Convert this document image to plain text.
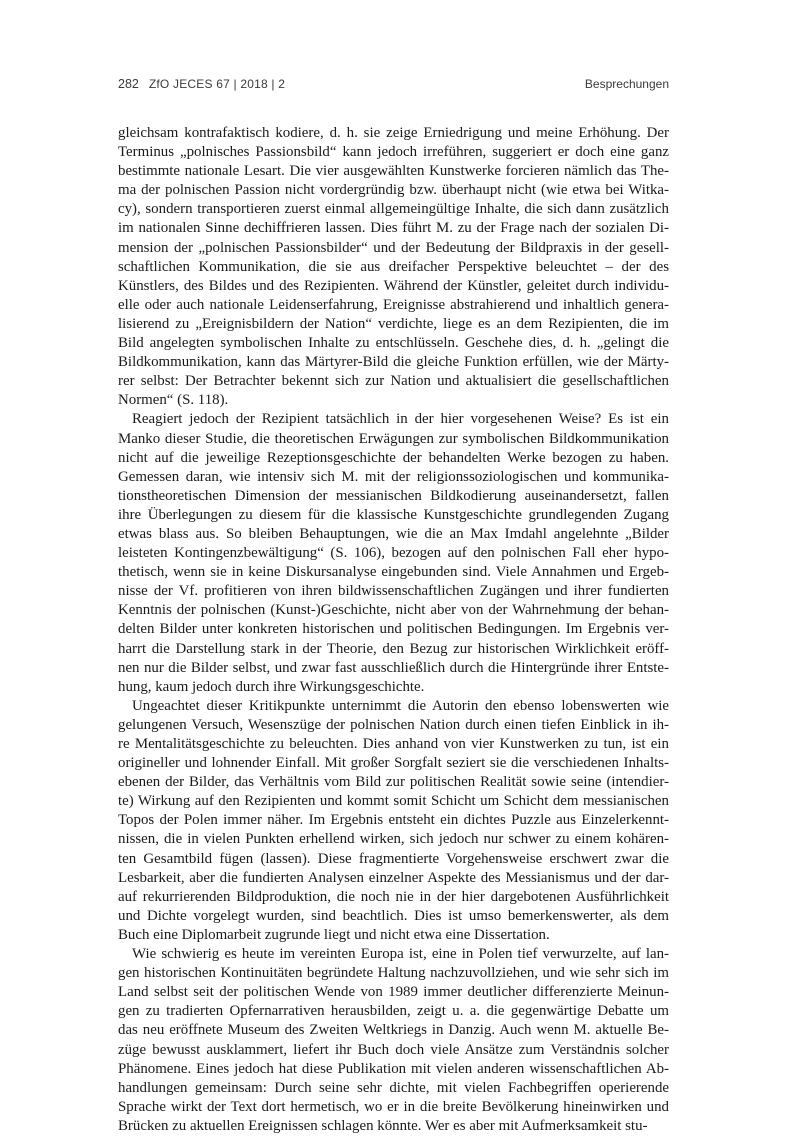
282 ZfO JECES 67 | 2018 | 2	Besprechungen
gleichsam kontrafaktisch kodiere, d. h. sie zeige Erniedrigung und meine Erhöhung. Der
Terminus „polnisches Passionsbild“ kann jedoch irreführen, suggeriert er doch eine ganz
bestimmte nationale Lesart. Die vier ausgewählten Kunstwerke forcieren nämlich das The-
ma der polnischen Passion nicht vordergründig bzw. überhaupt nicht (wie etwa bei Witka-
cy), sondern transportieren zuerst einmal allgemeingültige Inhalte, die sich dann zusätzlich
im nationalen Sinne dechiffrieren lassen. Dies führt M. zu der Frage nach der sozialen Di-
mension der „polnischen Passionsbilder“ und der Bedeutung der Bildpraxis in der gesell-
schaftlichen Kommunikation, die sie aus dreifacher Perspektive beleuchtet – der des
Künstlers, des Bildes und des Rezipienten. Während der Künstler, geleitet durch individu-
elle oder auch nationale Leidenserfahrung, Ereignisse abstrahierend und inhaltlich genera-
lisierend zu „Ereignisbildern der Nation“ verdichte, liege es an dem Rezipienten, die im
Bild angelegten symbolischen Inhalte zu entschlüsseln. Geschehe dies, d. h. „gelingt die
Bildkommunikation, kann das Märtyrer-Bild die gleiche Funktion erfüllen, wie der Märty-
rer selbst: Der Betrachter bekennt sich zur Nation und aktualisiert die gesellschaftlichen
Normen“ (S. 118).
Reagiert jedoch der Rezipient tatsächlich in der hier vorgesehenen Weise? Es ist ein
Manko dieser Studie, die theoretischen Erwägungen zur symbolischen Bildkommunikation
nicht auf die jeweilige Rezeptionsgeschichte der behandelten Werke bezogen zu haben.
Gemessen daran, wie intensiv sich M. mit der religionssoziologischen und kommunika-
tionstheoretischen Dimension der messianischen Bildkodierung auseinandersetzt, fallen
ihre Überlegungen zu diesem für die klassische Kunstgeschichte grundlegenden Zugang
etwas blass aus. So bleiben Behauptungen, wie die an Max Imdahl angelehnte „Bilder
leisteten Kontingenzbewältigung“ (S. 106), bezogen auf den polnischen Fall eher hypo-
thetisch, wenn sie in keine Diskursanalyse eingebunden sind. Viele Annahmen und Ergeb-
nisse der Vf. profitieren von ihren bildwissenschaftlichen Zugängen und ihrer fundierten
Kenntnis der polnischen (Kunst-)Geschichte, nicht aber von der Wahrnehmung der behan-
delten Bilder unter konkreten historischen und politischen Bedingungen. Im Ergebnis ver-
harrt die Darstellung stark in der Theorie, den Bezug zur historischen Wirklichkeit eröff-
nen nur die Bilder selbst, und zwar fast ausschließlich durch die Hintergründe ihrer Entste-
hung, kaum jedoch durch ihre Wirkungsgeschichte.
Ungeachtet dieser Kritikpunkte unternimmt die Autorin den ebenso lobenswerten wie
gelungenen Versuch, Wesenszüge der polnischen Nation durch einen tiefen Einblick in ih-
re Mentalitätsgeschichte zu beleuchten. Dies anhand von vier Kunstwerken zu tun, ist ein
origineller und lohnender Einfall. Mit großer Sorgfalt seziert sie die verschiedenen Inhalts-
ebenen der Bilder, das Verhältnis vom Bild zur politischen Realität sowie seine (intendier-
te) Wirkung auf den Rezipienten und kommt somit Schicht um Schicht dem messianischen
Topos der Polen immer näher. Im Ergebnis entsteht ein dichtes Puzzle aus Einzelerkennt-
nissen, die in vielen Punkten erhellend wirken, sich jedoch nur schwer zu einem kohären-
ten Gesamtbild fügen (lassen). Diese fragmentierte Vorgehensweise erschwert zwar die
Lesbarkeit, aber die fundierten Analysen einzelner Aspekte des Messianismus und der dar-
auf rekurrierenden Bildproduktion, die noch nie in der hier dargebotenen Ausführlichkeit
und Dichte vorgelegt wurden, sind beachtlich. Dies ist umso bemerkenswerter, als dem
Buch eine Diplomarbeit zugrunde liegt und nicht etwa eine Dissertation.
Wie schwierig es heute im vereinten Europa ist, eine in Polen tief verwurzelte, auf lan-
gen historischen Kontinuitäten begründete Haltung nachzuvollziehen, und wie sehr sich im
Land selbst seit der politischen Wende von 1989 immer deutlicher differenzierte Meinun-
gen zu tradierten Opfernarrativen herausbilden, zeigt u. a. die gegenwärtige Debatte um
das neu eröffnete Museum des Zweiten Weltkriegs in Danzig. Auch wenn M. aktuelle Be-
züge bewusst ausklammert, liefert ihr Buch doch viele Ansätze zum Verständnis solcher
Phänomene. Eines jedoch hat diese Publikation mit vielen anderen wissenschaftlichen Ab-
handlungen gemeinsam: Durch seine sehr dichte, mit vielen Fachbegriffen operierende
Sprache wirkt der Text dort hermetisch, wo er in die breite Bevölkerung hineinwirken und
Brücken zu aktuellen Ereignissen schlagen könnte. Wer es aber mit Aufmerksamkeit stu-
